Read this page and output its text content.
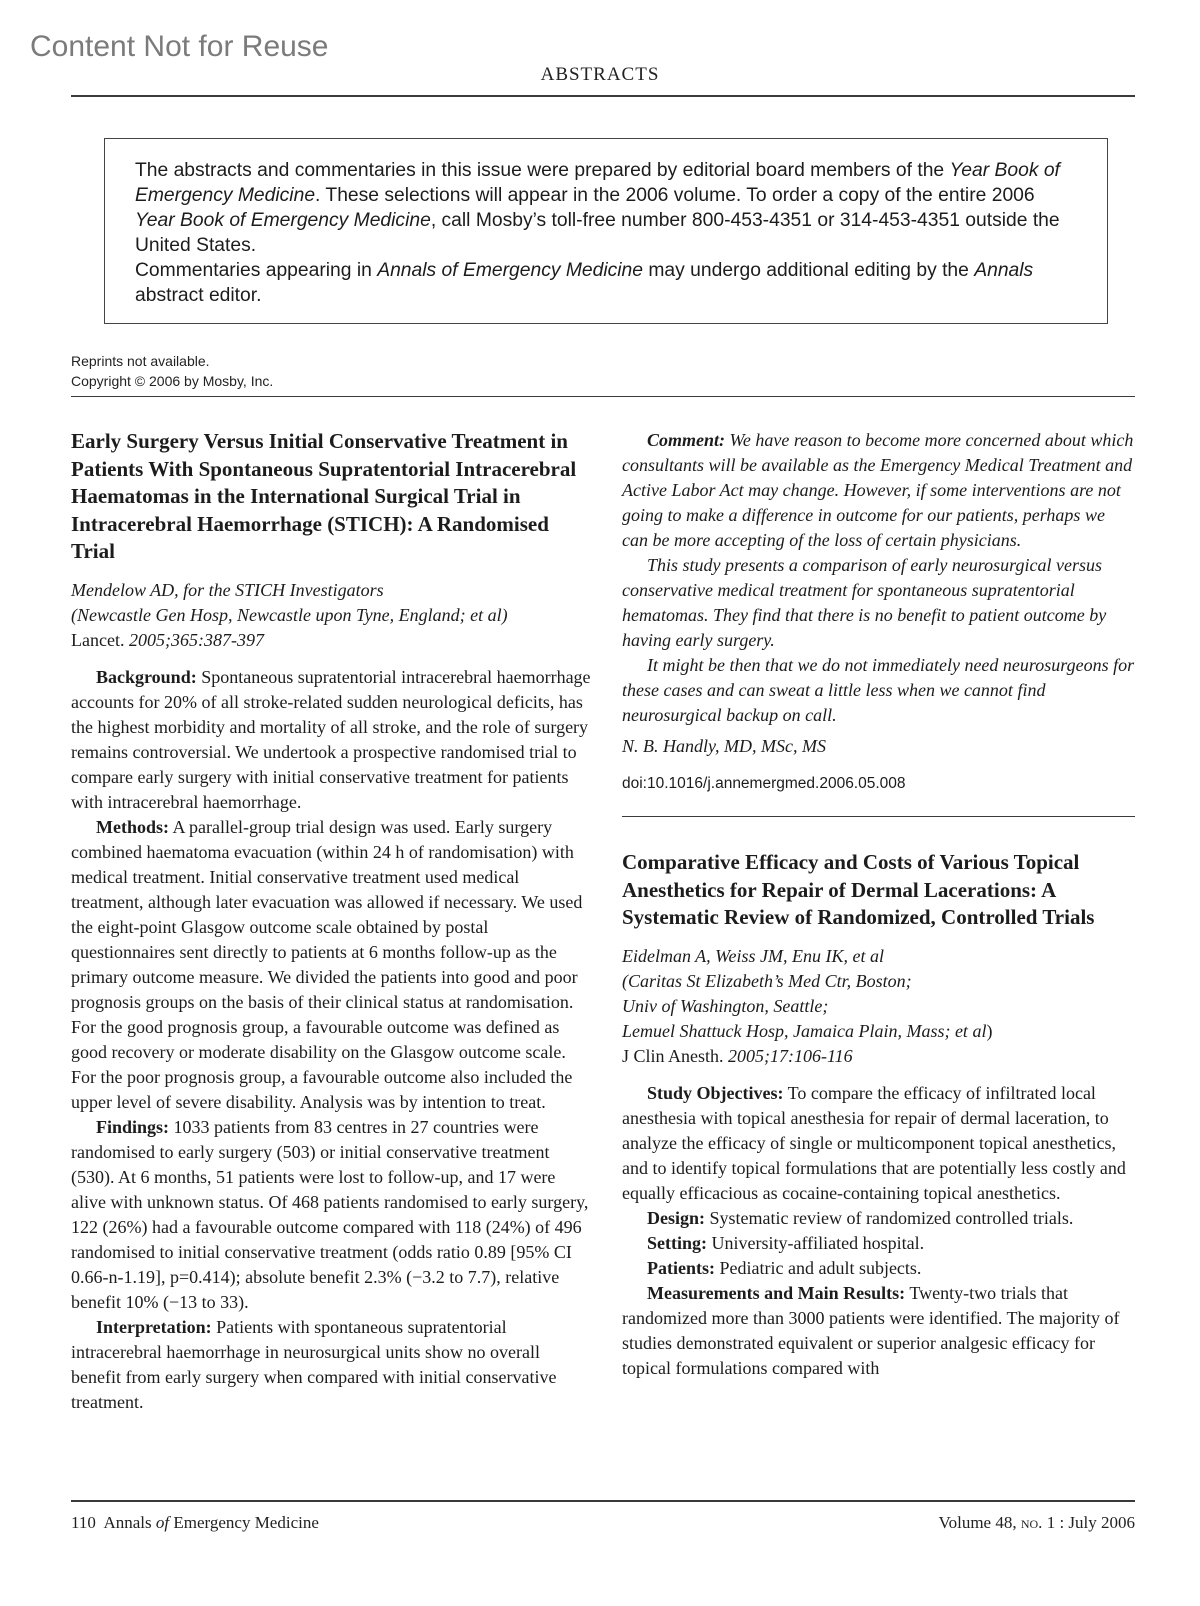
Content Not for Reuse
ABSTRACTS

The abstracts and commentaries in this issue were prepared by editorial board members of the Year Book of Emergency Medicine. These selections will appear in the 2006 volume. To order a copy of the entire 2006 Year Book of Emergency Medicine, call Mosby’s toll-free number 800-453-4351 or 314-453-4351 outside the United States.

Commentaries appearing in Annals of Emergency Medicine may undergo additional editing by the Annals abstract editor.

Reprints not available.
Copyright © 2006 by Mosby, Inc.
Early Surgery Versus Initial Conservative Treatment in Patients With Spontaneous Supratentorial Intracerebral Haematomas in the International Surgical Trial in Intracerebral Haemorrhage (STICH): A Randomised Trial

Mendelow AD, for the STICH Investigators

(Newcastle Gen Hosp, Newcastle upon Tyne, England; et al)

Lancet. 2005;365:387-397

Background: Spontaneous supratentorial intracerebral haemorrhage accounts for 20% of all stroke-related sudden neurological deficits, has the highest morbidity and mortality of all stroke, and the role of surgery remains controversial. We undertook a prospective randomised trial to compare early surgery with initial conservative treatment for patients with intracerebral haemorrhage.

Methods: A parallel-group trial design was used. Early surgery combined haematoma evacuation (within 24 h of randomisation) with medical treatment. Initial conservative treatment used medical treatment, although later evacuation was allowed if necessary. We used the eight-point Glasgow outcome scale obtained by postal questionnaires sent directly to patients at 6 months follow-up as the primary outcome measure. We divided the patients into good and poor prognosis groups on the basis of their clinical status at randomisation. For the good prognosis group, a favourable outcome was defined as good recovery or moderate disability on the Glasgow outcome scale. For the poor prognosis group, a favourable outcome also included the upper level of severe disability. Analysis was by intention to treat.

Findings: 1033 patients from 83 centres in 27 countries were randomised to early surgery (503) or initial conservative treatment (530). At 6 months, 51 patients were lost to follow-up, and 17 were alive with unknown status. Of 468 patients randomised to early surgery, 122 (26%) had a favourable outcome compared with 118 (24%) of 496 randomised to initial conservative treatment (odds ratio 0.89 [95% CI 0.66-n-1.19], p=0.414); absolute benefit 2.3% (−3.2 to 7.7), relative benefit 10% (−13 to 33).

Interpretation: Patients with spontaneous supratentorial intracerebral haemorrhage in neurosurgical units show no overall benefit from early surgery when compared with initial conservative treatment.

Comment: We have reason to become more concerned about which consultants will be available as the Emergency Medical Treatment and Active Labor Act may change. However, if some interventions are not going to make a difference in outcome for our patients, perhaps we can be more accepting of the loss of certain physicians.

This study presents a comparison of early neurosurgical versus conservative medical treatment for spontaneous supratentorial hematomas. They find that there is no benefit to patient outcome by having early surgery.

It might be then that we do not immediately need neurosurgeons for these cases and can sweat a little less when we cannot find neurosurgical backup on call.

N. B. Handly, MD, MSc, MS

doi:10.1016/j.annemergmed.2006.05.008

Comparative Efficacy and Costs of Various Topical Anesthetics for Repair of Dermal Lacerations: A Systematic Review of Randomized, Controlled Trials

Eidelman A, Weiss JM, Enu IK, et al

(Caritas St Elizabeth’s Med Ctr, Boston;

Univ of Washington, Seattle;

Lemuel Shattuck Hosp, Jamaica Plain, Mass; et al)

J Clin Anesth. 2005;17:106-116

Study Objectives: To compare the efficacy of infiltrated local anesthesia with topical anesthesia for repair of dermal laceration, to analyze the efficacy of single or multicomponent topical anesthetics, and to identify topical formulations that are potentially less costly and equally efficacious as cocaine-containing topical anesthetics.

Design: Systematic review of randomized controlled trials.

Setting: University-affiliated hospital.

Patients: Pediatric and adult subjects.

Measurements and Main Results: Twenty-two trials that randomized more than 3000 patients were identified. The majority of studies demonstrated equivalent or superior analgesic efficacy for topical formulations compared with

110 Annals of Emergency Medicine	Volume 48, no. 1 : July 2006
